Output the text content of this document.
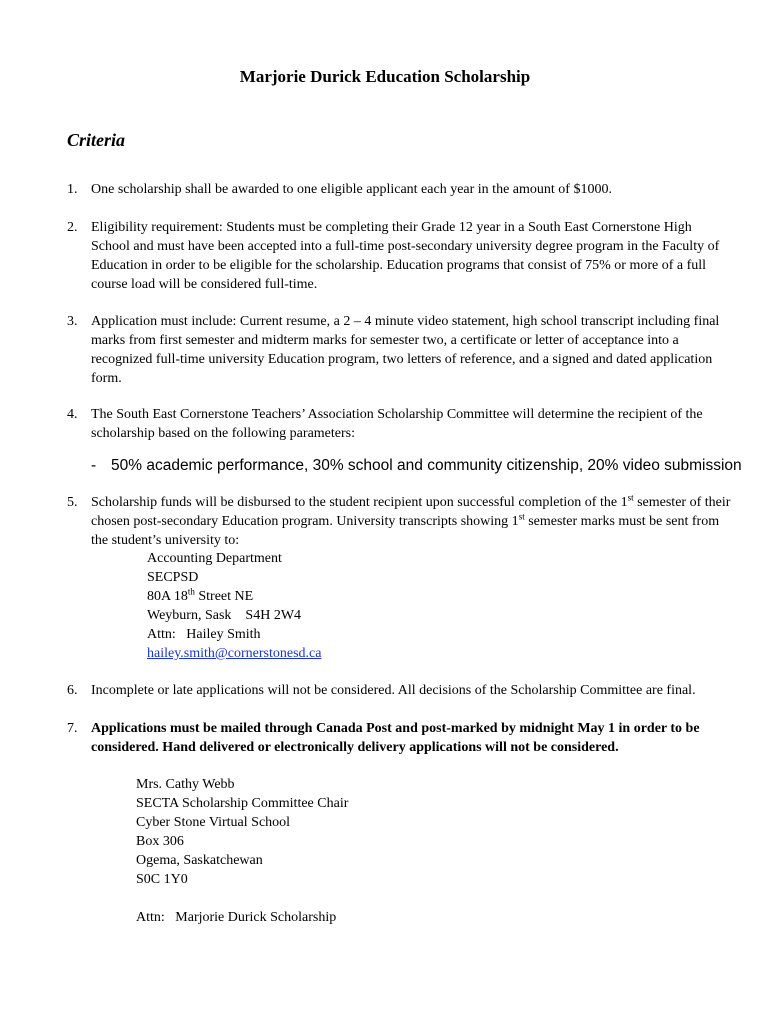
Marjorie Durick Education Scholarship
Criteria
1. One scholarship shall be awarded to one eligible applicant each year in the amount of $1000.
2. Eligibility requirement: Students must be completing their Grade 12 year in a South East Cornerstone High School and must have been accepted into a full-time post-secondary university degree program in the Faculty of Education in order to be eligible for the scholarship. Education programs that consist of 75% or more of a full course load will be considered full-time.
3. Application must include: Current resume, a 2 – 4 minute video statement, high school transcript including final marks from first semester and midterm marks for semester two, a certificate or letter of acceptance into a recognized full-time university Education program, two letters of reference, and a signed and dated application form.
4. The South East Cornerstone Teachers’ Association Scholarship Committee will determine the recipient of the scholarship based on the following parameters:
- 50% academic performance, 30% school and community citizenship, 20% video submission
5. Scholarship funds will be disbursed to the student recipient upon successful completion of the 1st semester of their chosen post-secondary Education program. University transcripts showing 1st semester marks must be sent from the student’s university to:
Accounting Department
SECPSD
80A 18th Street NE
Weyburn, Sask    S4H 2W4
Attn:   Hailey Smith
hailey.smith@cornerstonesd.ca
6. Incomplete or late applications will not be considered. All decisions of the Scholarship Committee are final.
7. Applications must be mailed through Canada Post and post-marked by midnight May 1 in order to be considered. Hand delivered or electronically delivery applications will not be considered.
Mrs. Cathy Webb
SECTA Scholarship Committee Chair
Cyber Stone Virtual School
Box 306
Ogema, Saskatchewan
S0C 1Y0
Attn:   Marjorie Durick Scholarship
